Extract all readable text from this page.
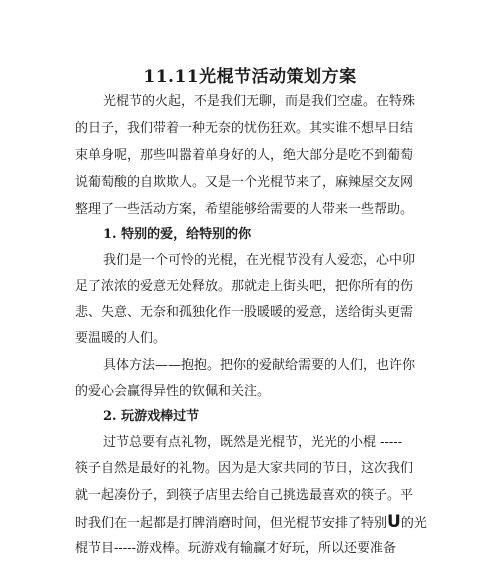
11.11光棍节活动策划方案
光棍节的火起，不是我们无聊，而是我们空虚。在特殊
的日子，我们带着一种无奈的忧伤狂欢。其实谁不想早日结
束单身呢，那些叫嚣着单身好的人，绝大部分是吃不到葡萄
说葡萄酸的自欺欺人。又是一个光棍节来了，麻辣屋交友网
整理了一些活动方案，希望能够给需要的人带来一些帮助。
1. 特别的爱，给特别的你
我们是一个可怜的光棍，在光棍节没有人爱恋，心中卯
足了浓浓的爱意无处释放。那就走上街头吧，把你所有的伤
悲、失意、无奈和孤独化作一股暖暖的爱意，送给街头更需
要温暖的人们。
具体方法——抱抱。把你的爱献给需要的人们，也许你
的爱心会赢得异性的钦佩和关注。
2. 玩游戏棒过节
过节总要有点礼物，既然是光棍节，光光的小棍 -----
筷子自然是最好的礼物。因为是大家共同的节日，这次我们
就一起凑份子，到筷子店里去给自己挑选最喜欢的筷子。平
时我们在一起都是打牌消磨时间，但光棍节安排了特别U的光
棍节目-----游戏棒。玩游戏有输赢才好玩，所以还要准备
